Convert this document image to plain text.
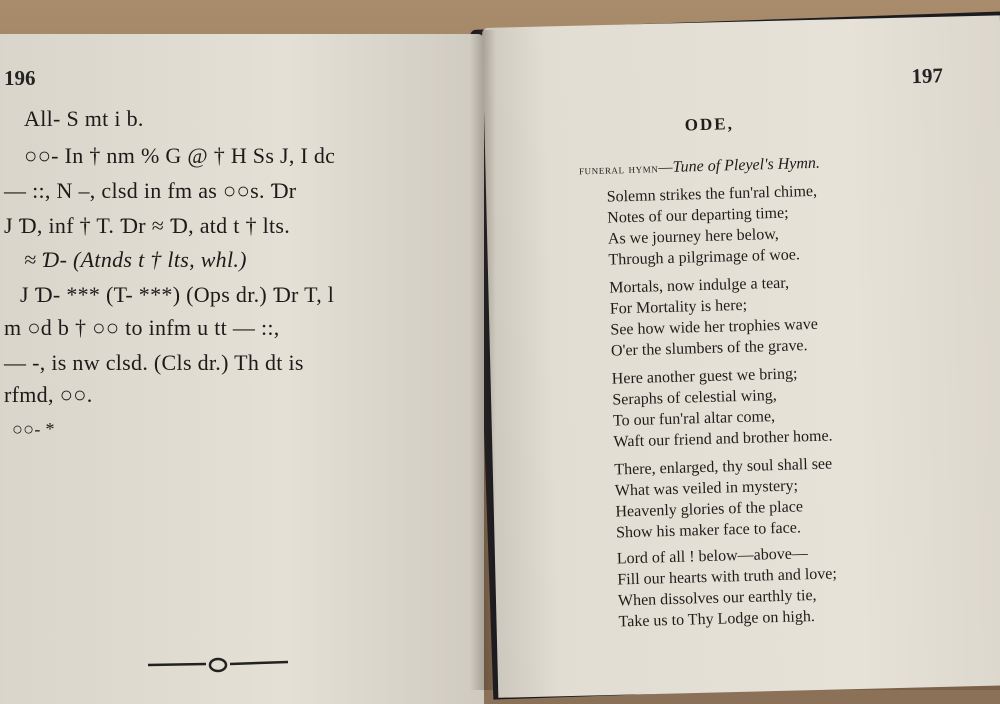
196
All- S mt i b.
○○- In † nm % G @ † H Ss J, I dc
— ::, N –, clsd in fm as ○○s. Ɗr
J Ɗ, inf † T. Ɗr ≈ Ɗ, atd t † lts.
≈ Ɗ- (Atnds t † lts, whl.)
J Ɗ- *** (T- ***) (Ops dr.) Ɗr T, l
m ○d b † ○○ to infm u tt — ::,
— -, is nw clsd. (Cls dr.) Th dt is
rfmd, ○○.
○○- *
197
ODE,
funeral hymn—Tune of Pleyel's Hymn.
Solemn strikes the fun'ral chime,
Notes of our departing time;
As we journey here below,
Through a pilgrimage of woe.
Mortals, now indulge a tear,
For Mortality is here;
See how wide her trophies wave
O'er the slumbers of the grave.
Here another guest we bring;
Seraphs of celestial wing,
To our fun'ral altar come,
Waft our friend and brother home.
There, enlarged, thy soul shall see
What was veiled in mystery;
Heavenly glories of the place
Show his maker face to face.
Lord of all ! below—above—
Fill our hearts with truth and love;
When dissolves our earthly tie,
Take us to Thy Lodge on high.
